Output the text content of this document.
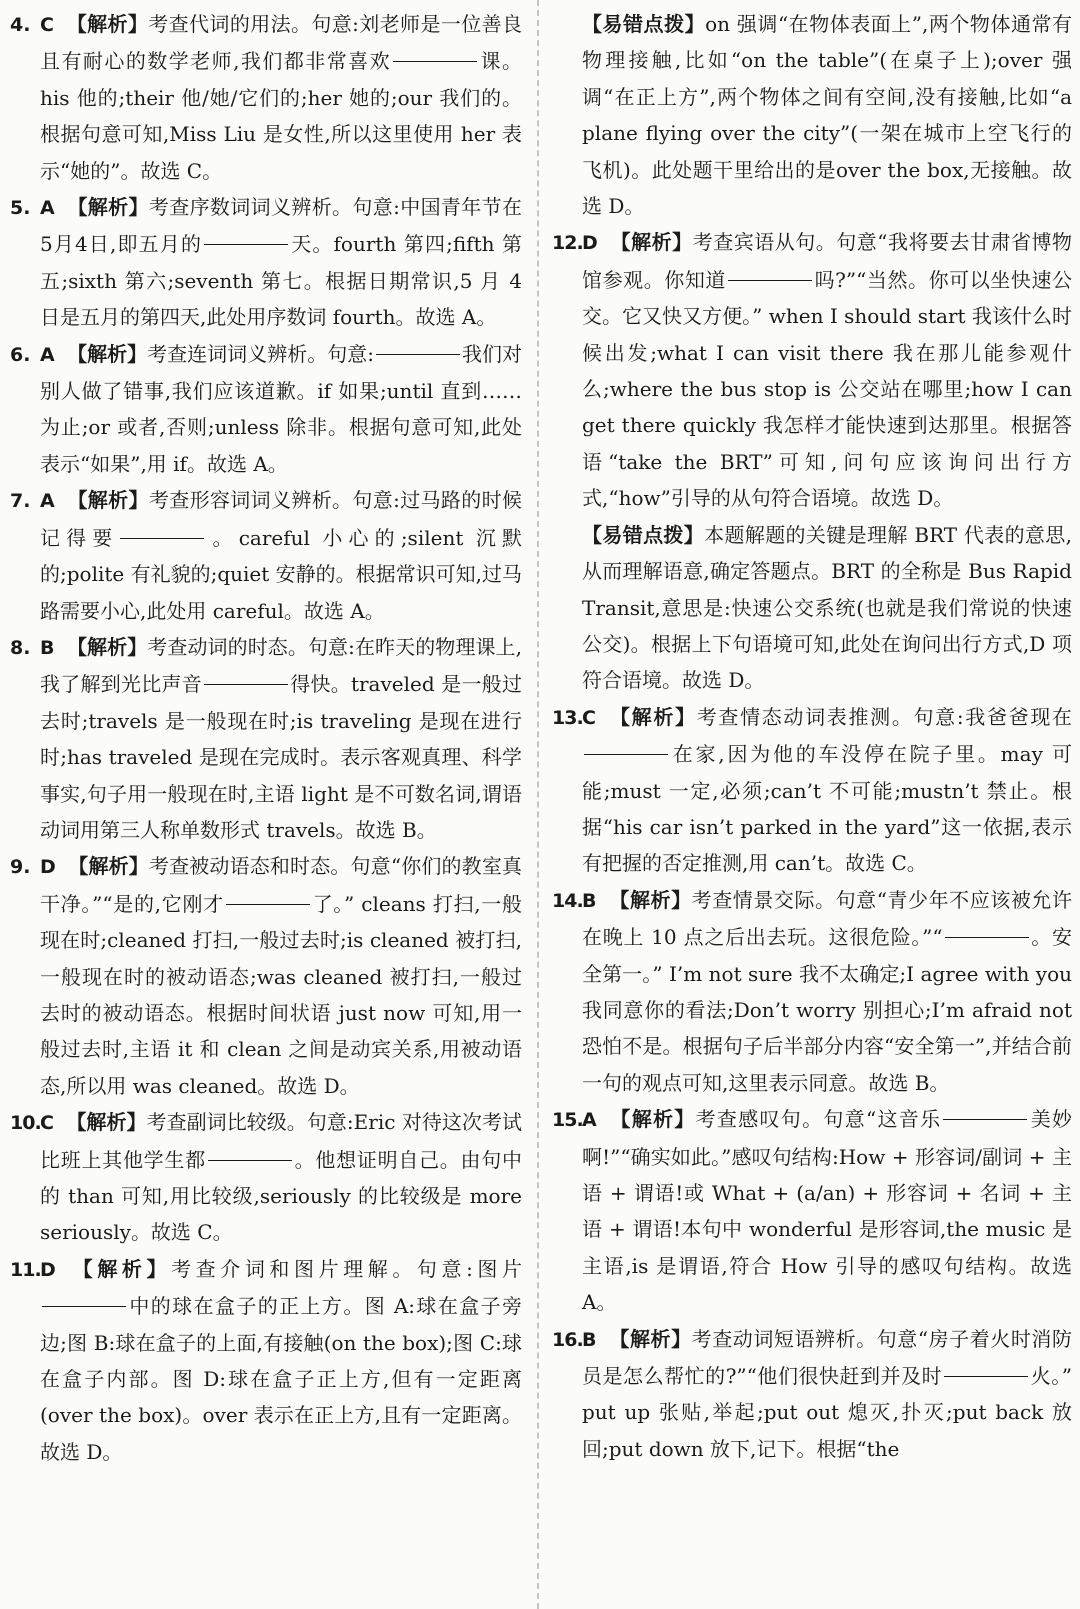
4. C 【解析】考查代词的用法。句意:刘老师是一位善良且有耐心的数学老师,我们都非常喜欢	课。his 他的;their 他/她/它们的;her 她的;our 我们的。根据句意可知,Miss Liu 是女性,所以这里使用 her 表示“她的”。故选 C。

5. A 【解析】考查序数词词义辨析。句意:中国青年节在5月4日,即五月的	天。fourth 第四;fifth 第五;sixth 第六;seventh 第七。根据日期常识,5 月 4 日是五月的第四天,此处用序数词 fourth。故选 A。

6. A 【解析】考查连词词义辨析。句意:	我们对别人做了错事,我们应该道歉。if 如果;until 直到……为止;or 或者,否则;unless 除非。根据句意可知,此处表示“如果”,用 if。故选 A。

7. A 【解析】考查形容词词义辨析。句意:过马路的时候记得要	。careful 小心的;silent 沉默的;polite 有礼貌的;quiet 安静的。根据常识可知,过马路需要小心,此处用 careful。故选 A。

8. B 【解析】考查动词的时态。句意:在昨天的物理课上,我了解到光比声音	得快。traveled 是一般过去时;travels 是一般现在时;is traveling 是现在进行时;has traveled 是现在完成时。表示客观真理、科学事实,句子用一般现在时,主语 light 是不可数名词,谓语动词用第三人称单数形式 travels。故选 B。

9. D 【解析】考查被动语态和时态。句意“你们的教室真干净。”“是的,它刚才	了。” cleans 打扫,一般现在时;cleaned 打扫,一般过去时;is cleaned 被打扫,一般现在时的被动语态;was cleaned 被打扫,一般过去时的被动语态。根据时间状语 just now 可知,用一般过去时,主语 it 和 clean 之间是动宾关系,用被动语态,所以用 was cleaned。故选 D。

10.C 【解析】考查副词比较级。句意:Eric 对待这次考试比班上其他学生都	。他想证明自己。由句中的 than 可知,用比较级,seriously 的比较级是 more seriously。故选 C。

11.D 【解析】考查介词和图片理解。句意:图片中的球在盒子的正上方。图 A:球在盒子旁边;图 B:球在盒子的上面,有接触(on the box);图 C:球在盒子内部。图 D:球在盒子正上方,但有一定距离(over the box)。over 表示在正上方,且有一定距离。故选 D。

【易错点拨】on 强调“在物体表面上”,两个物体通常有物理接触,比如“on the table”(在桌子上);over 强调“在正上方”,两个物体之间有空间,没有接触,比如“a plane flying over the city”(一架在城市上空飞行的飞机)。此处题干里给出的是over the box,无接触。故选 D。

12.D 【解析】考查宾语从句。句意“我将要去甘肃省博物馆参观。你知道	吗?”“当然。你可以坐快速公交。它又快又方便。” when I should start 我该什么时候出发;what I can visit there 我在那儿能参观什么;where the bus stop is 公交站在哪里;how I can get there quickly 我怎样才能快速到达那里。根据答语“take the BRT”可知,问句应该询问出行方式,“how”引导的从句符合语境。故选 D。

【易错点拨】本题解题的关键是理解 BRT 代表的意思,从而理解语意,确定答题点。BRT 的全称是 Bus Rapid Transit,意思是:快速公交系统(也就是我们常说的快速公交)。根据上下句语境可知,此处在询问出行方式,D 项符合语境。故选 D。

13.C 【解析】考查情态动词表推测。句意:我爸爸现在在家,因为他的车没停在院子里。may 可能;must 一定,必须;can’t 不可能;mustn’t 禁止。根据“his car isn’t parked in the yard”这一依据,表示有把握的否定推测,用 can’t。故选 C。

14.B 【解析】考查情景交际。句意“青少年不应该被允许在晚上 10 点之后出去玩。这很危险。”“	。安全第一。” I’m not sure 我不太确定;I agree with you 我同意你的看法;Don’t worry 别担心;I’m afraid not 恐怕不是。根据句子后半部分内容“安全第一”,并结合前一句的观点可知,这里表示同意。故选 B。

15.A 【解析】考查感叹句。句意“这音乐	美妙啊!”“确实如此。”感叹句结构:How + 形容词/副词 + 主语 + 谓语!或 What + (a/an) + 形容词 + 名词 + 主语 + 谓语!本句中 wonderful 是形容词,the music 是主语,is 是谓语,符合 How 引导的感叹句结构。故选 A。

16.B 【解析】考查动词短语辨析。句意“房子着火时消防员是怎么帮忙的?”“他们很快赶到并及时	火。” put up 张贴,举起;put out 熄灭,扑灭;put back 放回;put down 放下,记下。根据“the
